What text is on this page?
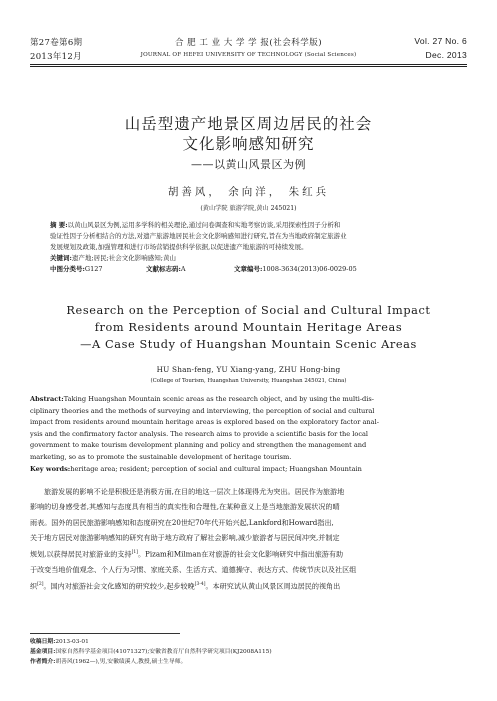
第27卷第6期
2013年12月
合 肥 工 业 大 学 学 报(社会科学版)
JOURNAL OF HEFEI UNIVERSITY OF TECHNOLOGY (Social Sciences)
Vol. 27 No. 6
Dec. 2013
山岳型遗产地景区周边居民的社会
文化影响感知研究
——以黄山风景区为例
胡善风， 余向洋， 朱红兵
(黄山学院 旅游学院,黄山 245021)
摘 要:以黄山风景区为例,运用多学科的相关理论,通过问卷调查和实地考察访谈,采用探索性因子分析和
验证性因子分析相结合的方法,对遗产旅游地居民社会文化影响感知进行研究,旨在为当地政府制定旅游业
发展规划及政策,加强管理和进行市场营销提供科学依据,以促进遗产地旅游的可持续发展。
关键词:遗产地;居民;社会文化影响感知;黄山
中图分类号:G127	文献标志码:A	文章编号:1008-3634(2013)06-0029-05
Research on the Perception of Social and Cultural Impact
from Residents around Mountain Heritage Areas
—A Case Study of Huangshan Mountain Scenic Areas
HU Shan-feng, YU Xiang-yang, ZHU Hong-bing
(College of Tourism, Huangshan University, Huangshan 245021, China)
Abstract:Taking Huangshan Mountain scenic areas as the research object, and by using the multi-dis-
ciplinary theories and the methods of surveying and interviewing, the perception of social and cultural
impact from residents around mountain heritage areas is explored based on the exploratory factor anal-
ysis and the confirmatory factor analysis. The research aims to provide a scientific basis for the local
government to make tourism development planning and policy and strengthen the management and
marketing, so as to promote the sustainable development of heritage tourism.
Key words:heritage area; resident; perception of social and cultural impact; Huangshan Mountain
旅游发展的影响不论是积极还是消极方面,在目的地这一层次上体现得尤为突出。居民作为旅游地
影响的切身感受者,其感知与态度具有相当的真实性和合理性,在某种意义上是当地旅游发展状况的晴
雨表。国外的居民旅游影响感知和态度研究在20世纪70年代开始兴起,Lankford和Howard指出,
关于地方居民对旅游影响感知的研究有助于地方政府了解社会影响,减少旅游者与居民间冲突,并制定
规划,以获得居民对旅游业的支持[1]。Pizam和Milman在对旅游的社会文化影响研究中指出旅游有助
于改变当地价值观念、个人行为习惯、家庭关系、生活方式、道德操守、表达方式、传统节庆以及社区组
织[2]。国内对旅游社会文化感知的研究较少,起步较晚[3-4]。本研究试从黄山风景区周边居民的视角出
收稿日期:2013-03-01
基金项目:国家自然科学基金项目(41071327);安徽省教育厅自然科学研究项目(KJ2008A115)
作者简介:胡善风(1962—),男,安徽绩溪人,教授,硕士生导师。
